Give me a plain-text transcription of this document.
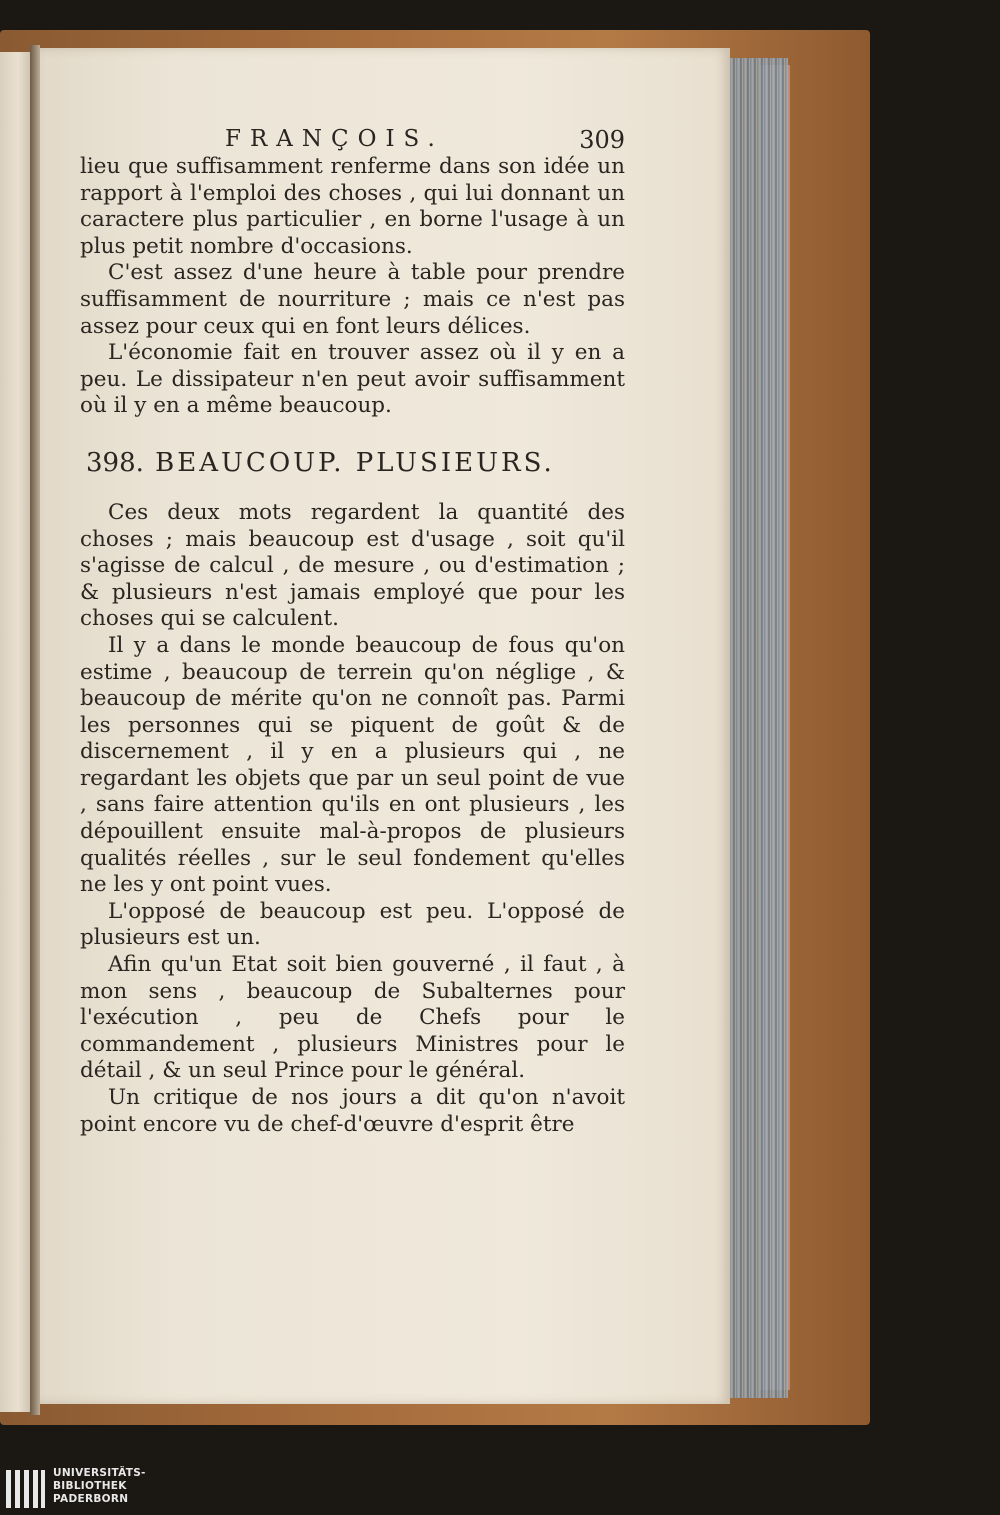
FRANÇOIS.	309

lieu que suffisamment renferme dans son idée un rapport à l'emploi des choses , qui lui donnant un caractere plus particulier , en borne l'usage à un plus petit nombre d'occasions.

C'est assez d'une heure à table pour prendre suffisamment de nourriture ; mais ce n'est pas assez pour ceux qui en font leurs délices.

L'économie fait en trouver assez où il y en a peu. Le dissipateur n'en peut avoir suffisamment où il y en a même beaucoup.

398. BEAUCOUP. PLUSIEURS.

Ces deux mots regardent la quantité des choses ; mais beaucoup est d'usage , soit qu'il s'agisse de calcul , de mesure , ou d'estimation ; & plusieurs n'est jamais employé que pour les choses qui se calculent.

Il y a dans le monde beaucoup de fous qu'on estime , beaucoup de terrein qu'on néglige , & beaucoup de mérite qu'on ne connoît pas. Parmi les personnes qui se piquent de goût & de discernement , il y en a plusieurs qui , ne regardant les objets que par un seul point de vue , sans faire attention qu'ils en ont plusieurs , les dépouillent ensuite mal-à-propos de plusieurs qualités réelles , sur le seul fondement qu'elles ne les y ont point vues.

L'opposé de beaucoup est peu. L'opposé de plusieurs est un.

Afin qu'un Etat soit bien gouverné , il faut , à mon sens , beaucoup de Subalternes pour l'exécution , peu de Chefs pour le commandement , plusieurs Ministres pour le détail , & un seul Prince pour le général.

Un critique de nos jours a dit qu'on n'avoit point encore vu de chef-d'œuvre d'esprit être

UNIVERSITÄTS-
BIBLIOTHEK
PADERBORN
